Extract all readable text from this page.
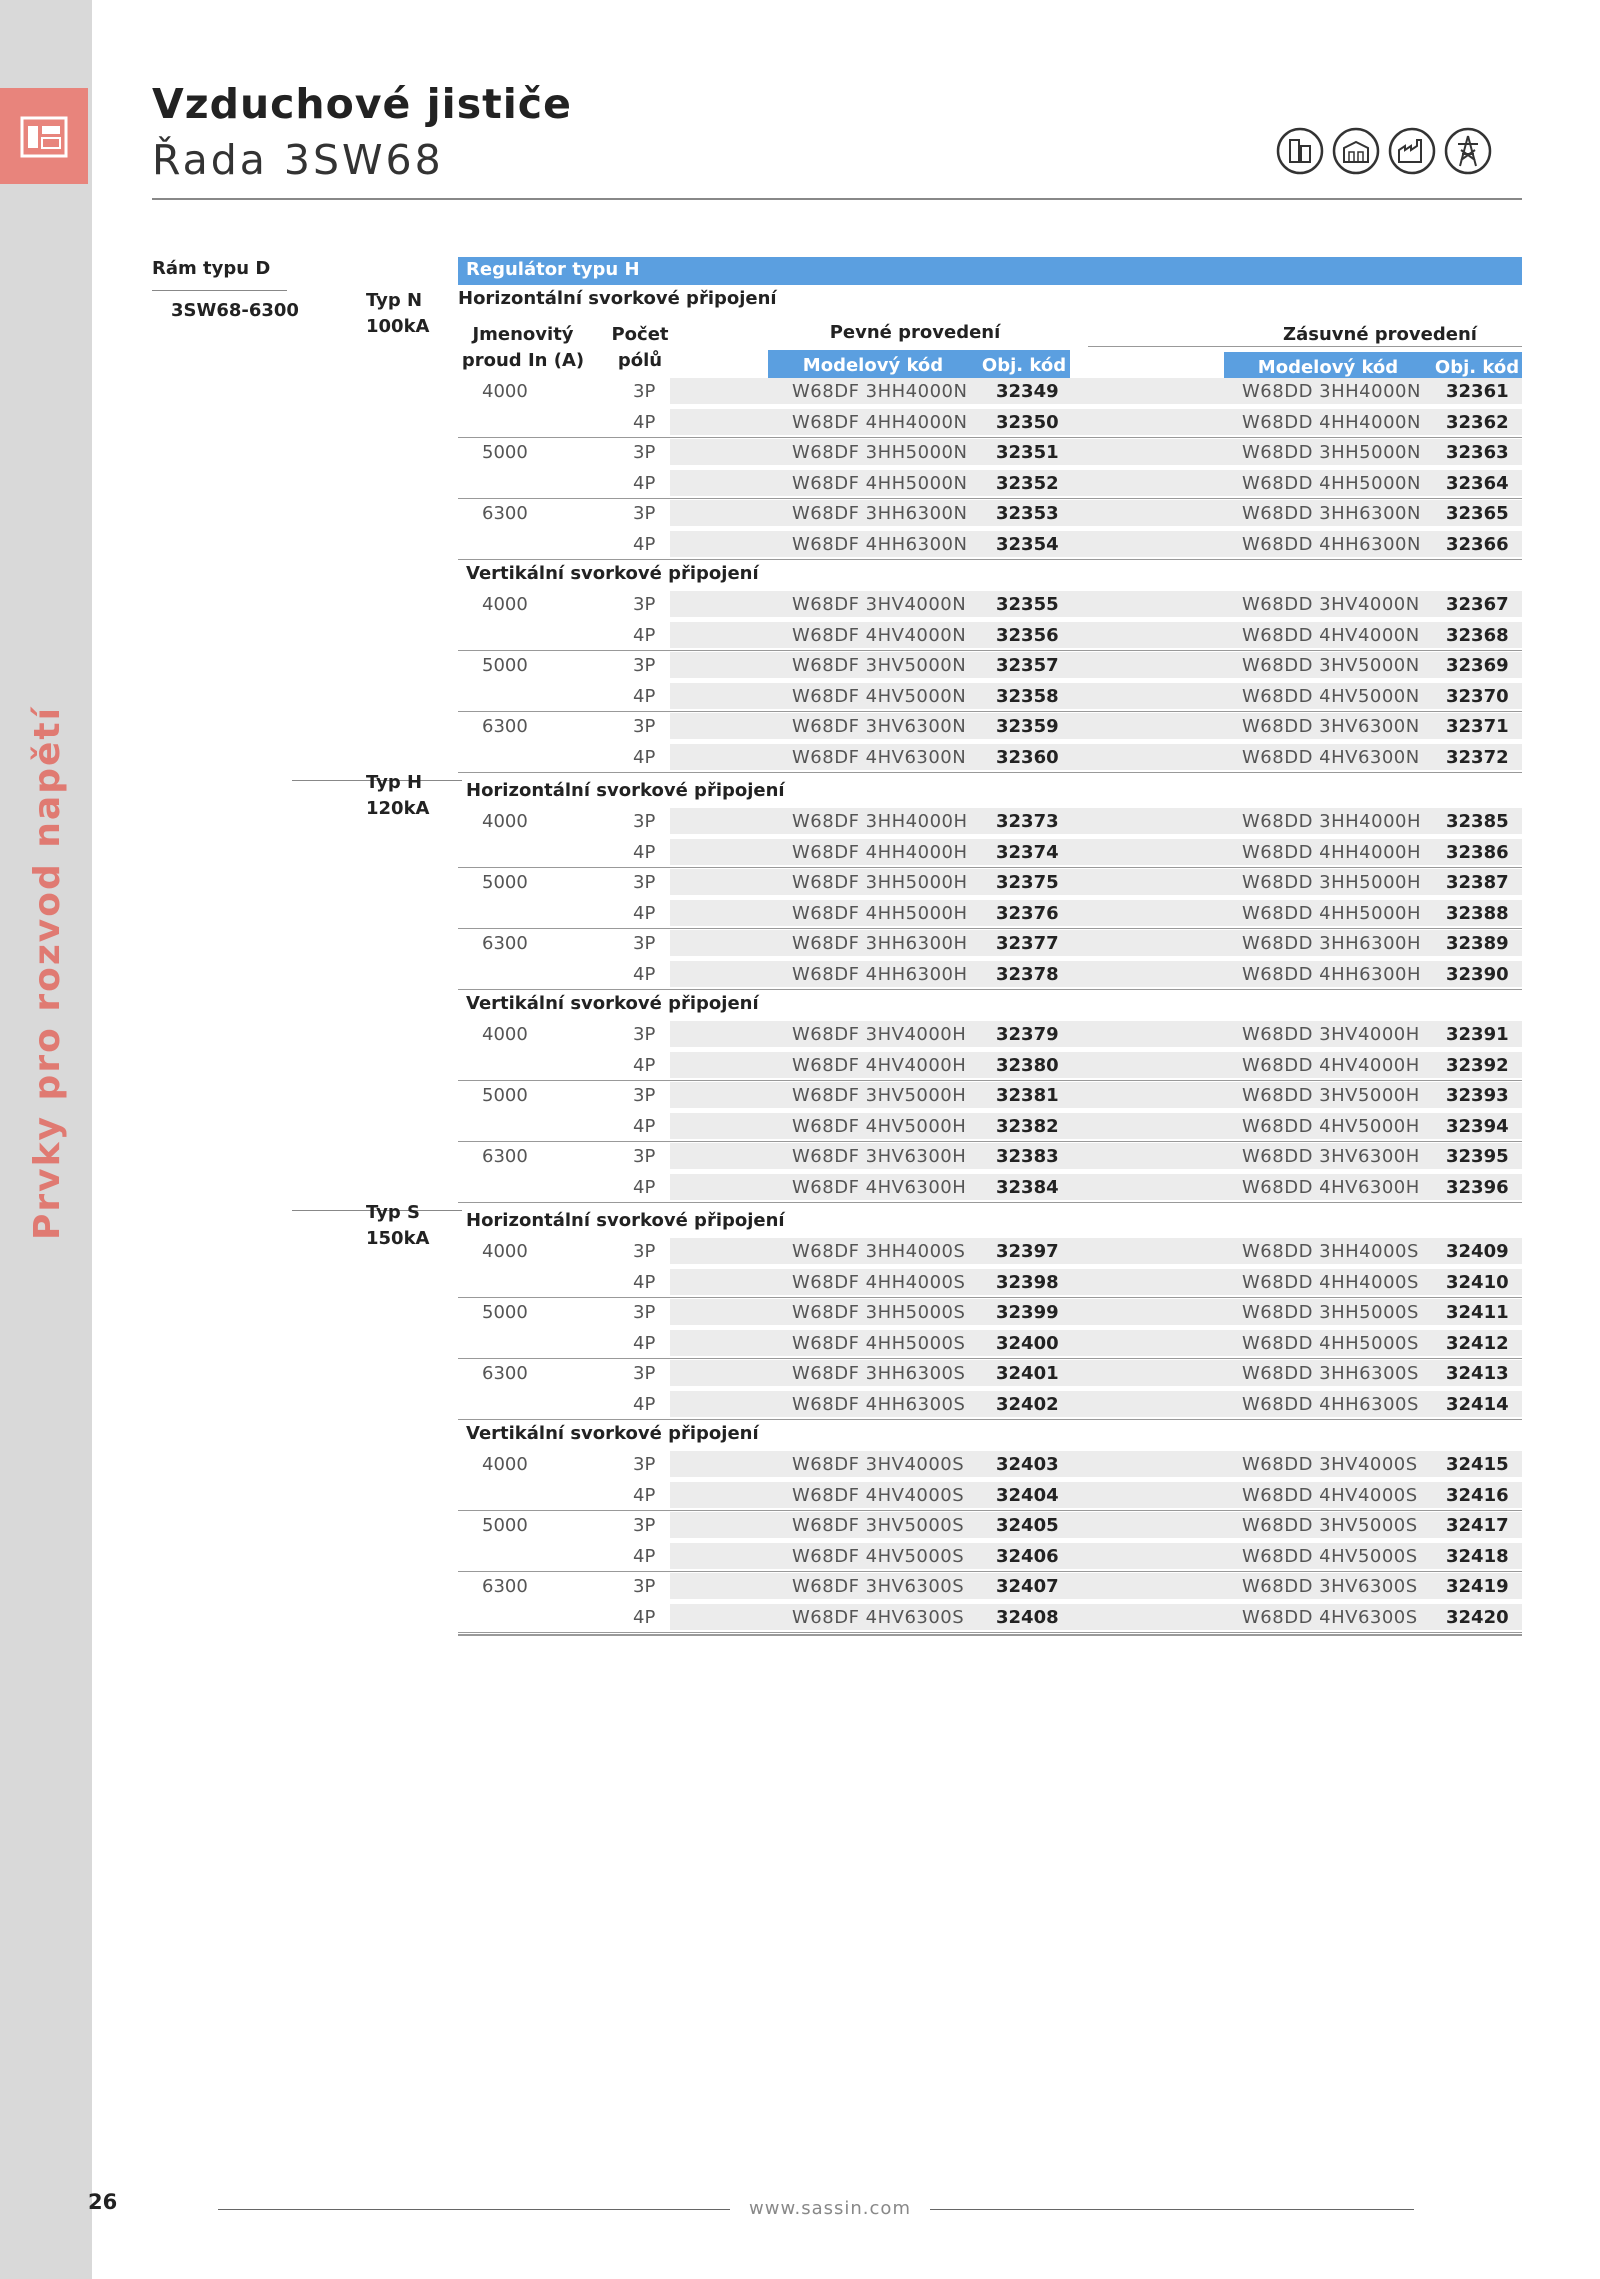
Prvky pro rozvod napětí
26
Vzduchové jističe
Řada 3SW68
Rám typu D
3SW68-6300
Regulátor typu H
Jmenovitý
proud In (A)
Počet
pólů
Pevné provedení	Zásuvné provedení
Modelový kód	Obj. kód	Modelový kód	Obj. kód
Typ N
100kA
Horizontální svorkové připojení
4000	3P	W68DF 3HH4000N 32349	W68DD 3HH4000N 32361
4P	W68DF 4HH4000N 32350	W68DD 4HH4000N 32362
5000	3P	W68DF 3HH5000N 32351	W68DD 3HH5000N 32363
4P	W68DF 4HH5000N 32352	W68DD 4HH5000N 32364
6300	3P	W68DF 3HH6300N 32353	W68DD 3HH6300N 32365
4P	W68DF 4HH6300N 32354	W68DD 4HH6300N 32366
Vertikální svorkové připojení
4000	3P	W68DF 3HV4000N 32355	W68DD 3HV4000N 32367
4P	W68DF 4HV4000N 32356	W68DD 4HV4000N 32368
5000	3P	W68DF 3HV5000N 32357	W68DD 3HV5000N 32369
4P	W68DF 4HV5000N 32358	W68DD 4HV5000N 32370
6300	3P	W68DF 3HV6300N 32359	W68DD 3HV6300N 32371
4P	W68DF 4HV6300N 32360	W68DD 4HV6300N 32372
Typ H
120kA
Horizontální svorkové připojení
4000	3P	W68DF 3HH4000H 32373	W68DD 3HH4000H 32385
4P	W68DF 4HH4000H 32374	W68DD 4HH4000H 32386
5000	3P	W68DF 3HH5000H 32375	W68DD 3HH5000H 32387
4P	W68DF 4HH5000H 32376	W68DD 4HH5000H 32388
6300	3P	W68DF 3HH6300H 32377	W68DD 3HH6300H 32389
4P	W68DF 4HH6300H 32378	W68DD 4HH6300H 32390
Vertikální svorkové připojení
4000	3P	W68DF 3HV4000H 32379	W68DD 3HV4000H 32391
4P	W68DF 4HV4000H 32380	W68DD 4HV4000H 32392
5000	3P	W68DF 3HV5000H 32381	W68DD 3HV5000H 32393
4P	W68DF 4HV5000H 32382	W68DD 4HV5000H 32394
6300	3P	W68DF 3HV6300H 32383	W68DD 3HV6300H 32395
4P	W68DF 4HV6300H 32384	W68DD 4HV6300H 32396
Typ S
150kA
Horizontální svorkové připojení
4000	3P	W68DF 3HH4000S 32397	W68DD 3HH4000S 32409
4P	W68DF 4HH4000S 32398	W68DD 4HH4000S 32410
5000	3P	W68DF 3HH5000S 32399	W68DD 3HH5000S 32411
4P	W68DF 4HH5000S 32400	W68DD 4HH5000S 32412
6300	3P	W68DF 3HH6300S 32401	W68DD 3HH6300S 32413
4P	W68DF 4HH6300S 32402	W68DD 4HH6300S 32414
Vertikální svorkové připojení
4000	3P	W68DF 3HV4000S 32403	W68DD 3HV4000S 32415
4P	W68DF 4HV4000S 32404	W68DD 4HV4000S 32416
5000	3P	W68DF 3HV5000S 32405	W68DD 3HV5000S 32417
4P	W68DF 4HV5000S 32406	W68DD 4HV5000S 32418
6300	3P	W68DF 3HV6300S 32407	W68DD 3HV6300S 32419
4P	W68DF 4HV6300S 32408	W68DD 4HV6300S 32420
www.sassin.com
